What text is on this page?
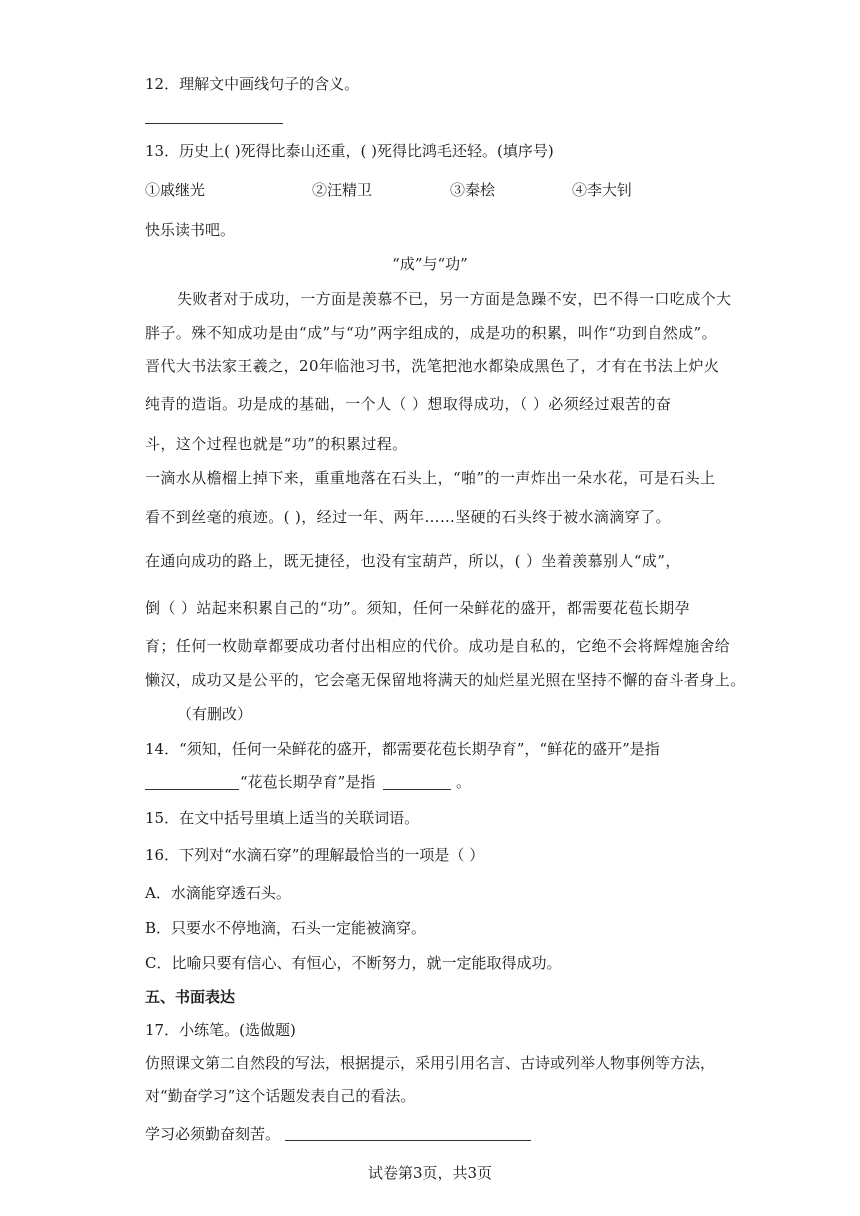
12．理解文中画线句子的含义。
13．历史上( )死得比泰山还重，( )死得比鸿毛还轻。(填序号)
①戚继光	②汪精卫	③秦桧	④李大钊
快乐读书吧。
“成”与“功”
失败者对于成功，一方面是羡慕不已，另一方面是急躁不安，巴不得一口吃成个大
胖子。殊不知成功是由“成”与“功”两字组成的，成是功的积累，叫作“功到自然成”。
晋代大书法家王羲之，20年临池习书，洗笔把池水都染成黑色了，才有在书法上炉火
纯青的造诣。功是成的基础，一个人（ ）想取得成功，（ ）必须经过艰苦的奋
斗，这个过程也就是“功”的积累过程。
一滴水从檐榴上掉下来，重重地落在石头上，“啪”的一声炸出一朵水花，可是石头上
看不到丝毫的痕迹。( )，经过一年、两年……坚硬的石头终于被水滴滴穿了。
在通向成功的路上，既无捷径，也没有宝葫芦，所以，( ）坐着羡慕别人“成”，
倒（ ）站起来积累自己的“功”。须知，任何一朵鲜花的盛开，都需要花苞长期孕
育；任何一枚勋章都要成功者付出相应的代价。成功是自私的，它绝不会将辉煌施舍给
懒汉，成功又是公平的，它会毫无保留地将满天的灿烂星光照在坚持不懈的奋斗者身上。
（有删改）
14．“须知，任何一朵鲜花的盛开，都需要花苞长期孕育”，“鲜花的盛开”是指
“花苞长期孕育”是指	。
15．在文中括号里填上适当的关联词语。
16．下列对“水滴石穿”的理解最恰当的一项是（ ）
A．水滴能穿透石头。
B．只要水不停地滴，石头一定能被滴穿。
C．比喻只要有信心、有恒心，不断努力，就一定能取得成功。
五、书面表达
17．小练笔。(选做题)
仿照课文第二自然段的写法，根据提示，采用引用名言、古诗或列举人物事例等方法，
对“勤奋学习”这个话题发表自己的看法。
学习必须勤奋刻苦。
试卷第3页，共3页
